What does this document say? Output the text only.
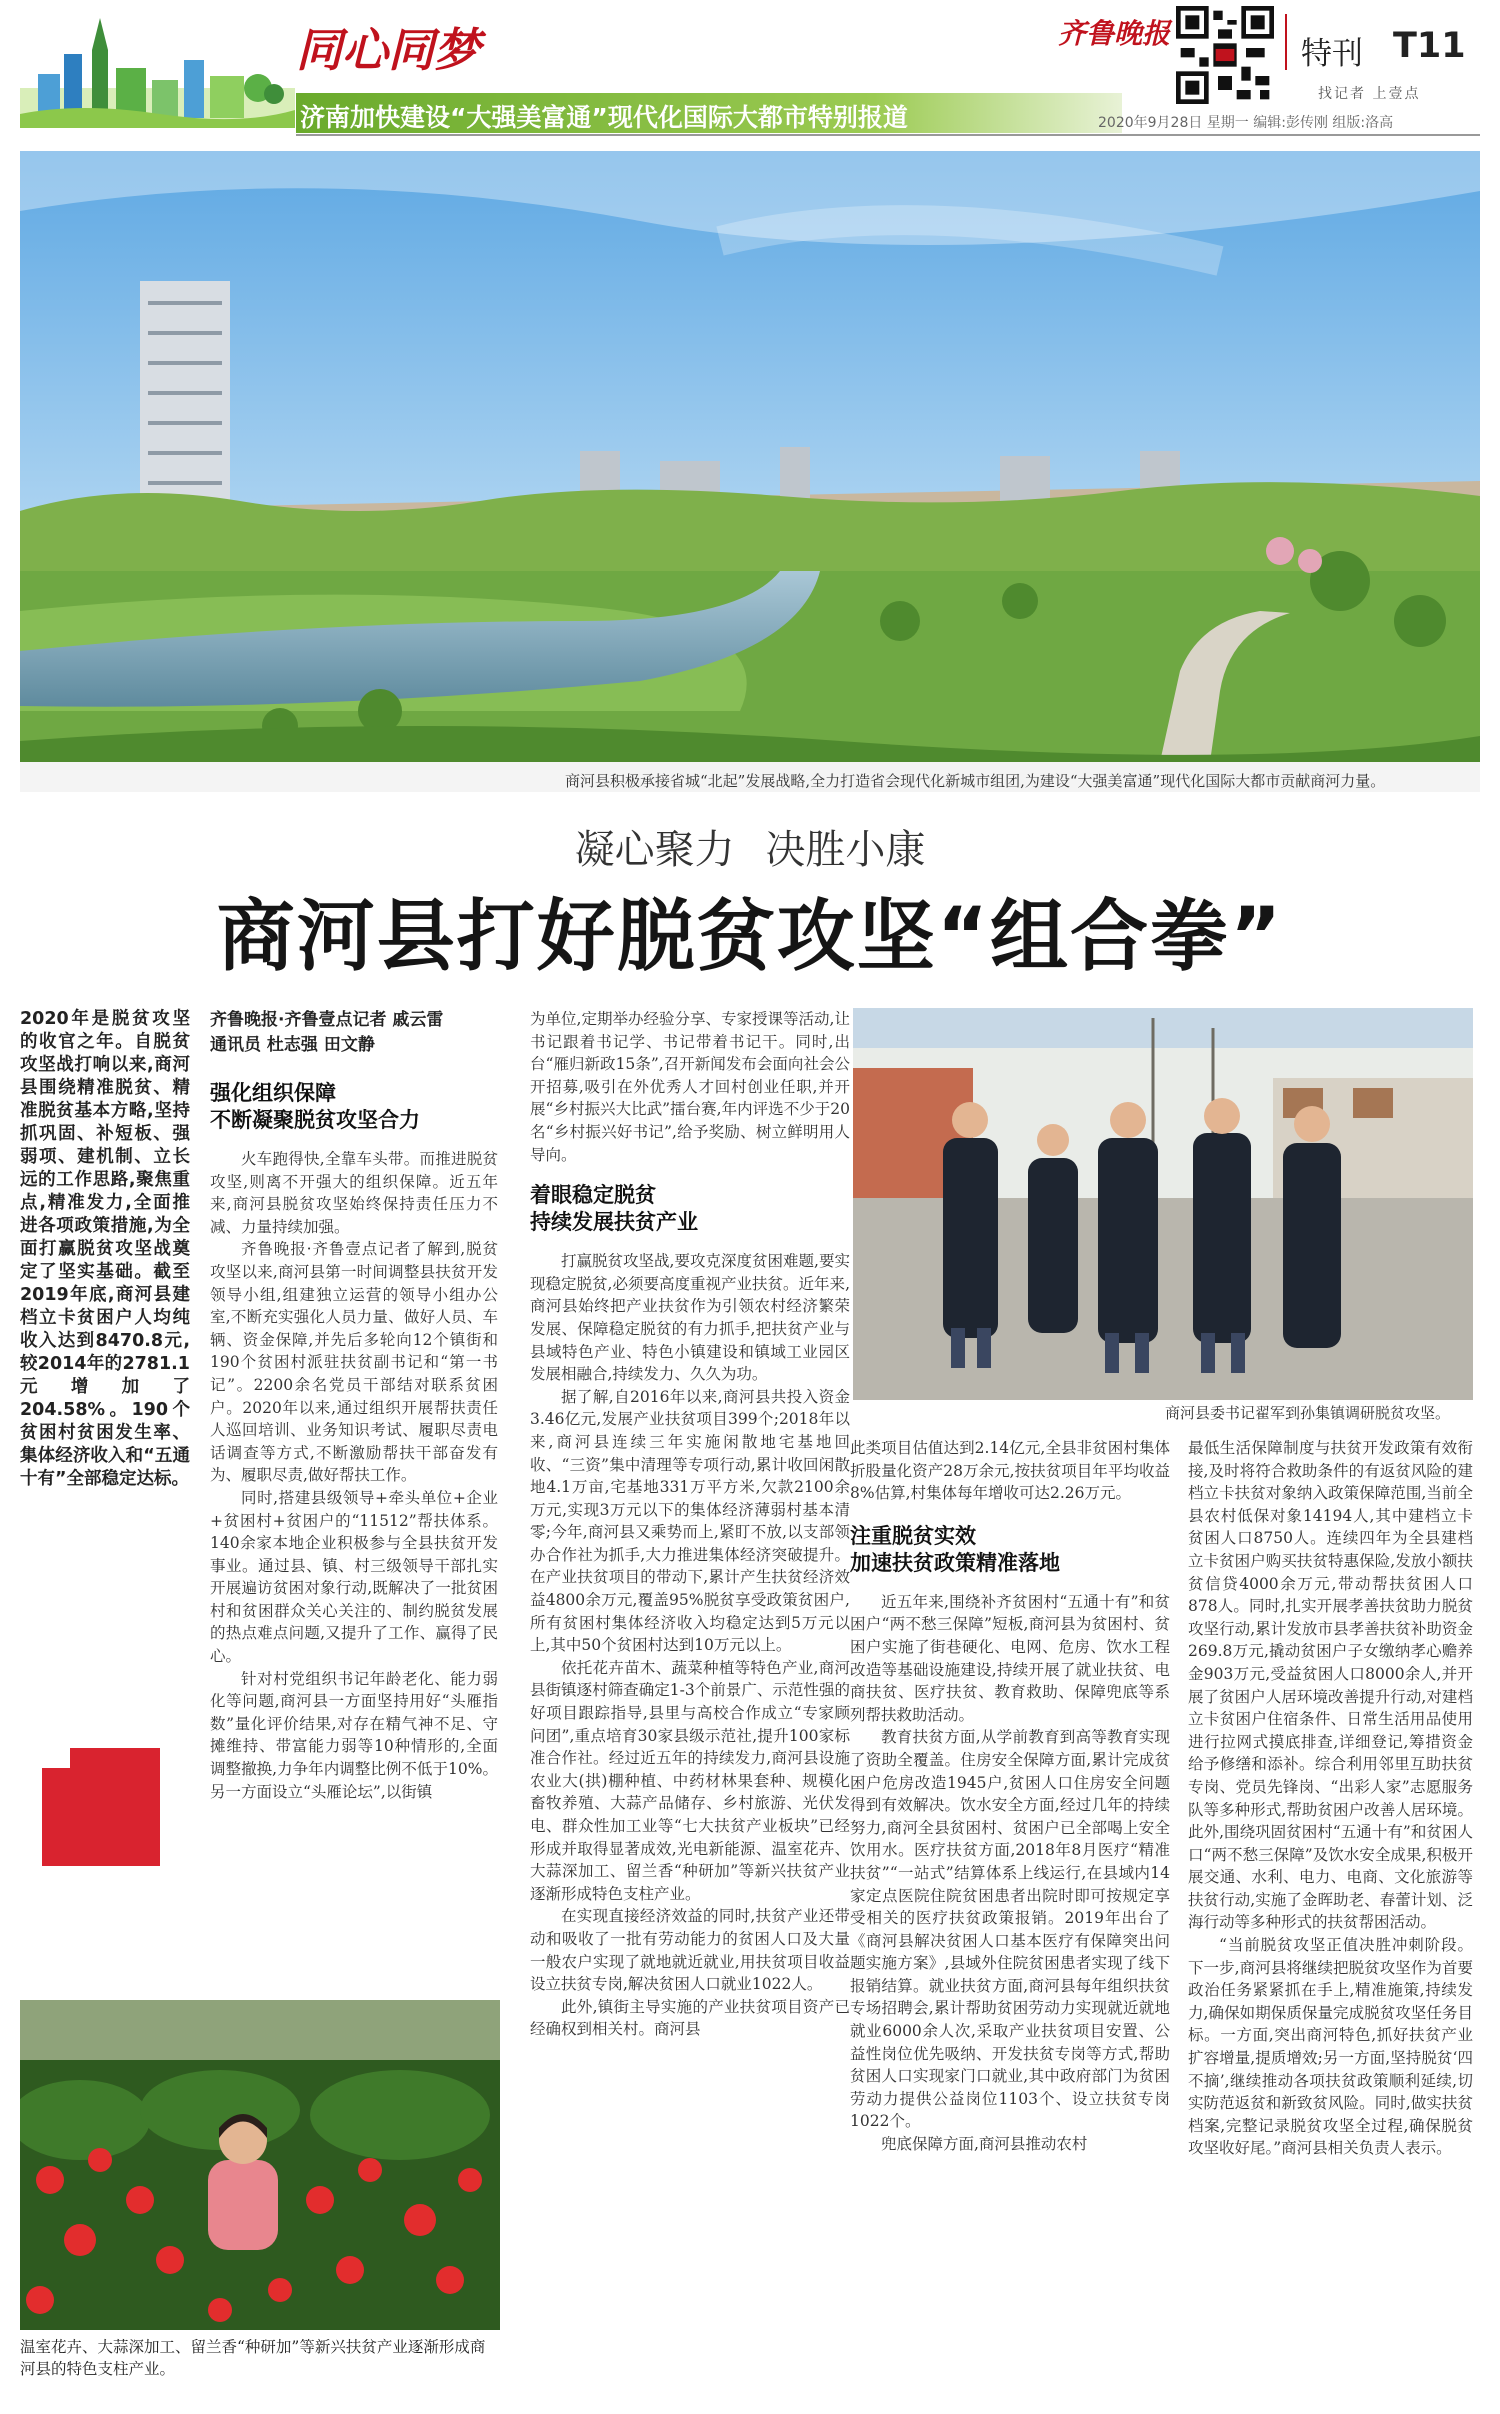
同心同梦
济南加快建设“大强美富通”现代化国际大都市特别报道
齐鲁晚报
特刊 T11
找记者 上壹点
2020年9月28日 星期一 编辑:彭传刚 组版:洛高
商河县积极承接省城“北起”发展战略,全力打造省会现代化新城市组团,为建设“大强美富通”现代化国际大都市贡献商河力量。
凝心聚力 决胜小康
商河县打好脱贫攻坚“组合拳”
2020年是脱贫攻坚的收官之年。自脱贫攻坚战打响以来,商河县围绕精准脱贫、精准脱贫基本方略,坚持抓巩固、补短板、强弱项、建机制、立长远的工作思路,聚焦重点,精准发力,全面推进各项政策措施,为全面打赢脱贫攻坚战奠定了坚实基础。截至2019年底,商河县建档立卡贫困户人均纯收入达到8470.8元,较2014年的2781.1元增加了204.58%。190个贫困村贫困发生率、集体经济收入和“五通十有”全部稳定达标。
齐鲁晚报·齐鲁壹点记者 戚云雷
通讯员 杜志强 田文静
强化组织保障
不断凝聚脱贫攻坚合力

火车跑得快,全靠车头带。而推进脱贫攻坚,则离不开强大的组织保障。近五年来,商河县脱贫攻坚始终保持责任压力不减、力量持续加强。

齐鲁晚报·齐鲁壹点记者了解到,脱贫攻坚以来,商河县第一时间调整县扶贫开发领导小组,组建独立运营的领导小组办公室,不断充实强化人员力量、做好人员、车辆、资金保障,并先后多轮向12个镇街和190个贫困村派驻扶贫副书记和“第一书记”。2200余名党员干部结对联系贫困户。2020年以来,通过组织开展帮扶责任人巡回培训、业务知识考试、履职尽责电话调查等方式,不断激励帮扶干部奋发有为、履职尽责,做好帮扶工作。

同时,搭建县级领导+牵头单位+企业+贫困村+贫困户的“11512”帮扶体系。140余家本地企业积极参与全县扶贫开发事业。通过县、镇、村三级领导干部扎实开展遍访贫困对象行动,既解决了一批贫困村和贫困群众关心关注的、制约脱贫发展的热点难点问题,又提升了工作、赢得了民心。

针对村党组织书记年龄老化、能力弱化等问题,商河县一方面坚持用好“头雁指数”量化评价结果,对存在精气神不足、守摊维持、带富能力弱等10种情形的,全面调整撤换,力争年内调整比例不低于10%。另一方面设立“头雁论坛”,以街镇

为单位,定期举办经验分享、专家授课等活动,让书记跟着书记学、书记带着书记干。同时,出台“雁归新政15条”,召开新闻发布会面向社会公开招募,吸引在外优秀人才回村创业任职,并开展“乡村振兴大比武”擂台赛,年内评选不少于20名“乡村振兴好书记”,给予奖励、树立鲜明用人导向。

着眼稳定脱贫
持续发展扶贫产业

打赢脱贫攻坚战,要攻克深度贫困难题,要实现稳定脱贫,必须要高度重视产业扶贫。近年来,商河县始终把产业扶贫作为引领农村经济繁荣发展、保障稳定脱贫的有力抓手,把扶贫产业与县域特色产业、特色小镇建设和镇域工业园区发展相融合,持续发力、久久为功。

据了解,自2016年以来,商河县共投入资金3.46亿元,发展产业扶贫项目399个;2018年以来,商河县连续三年实施闲散地宅基地回收、“三资”集中清理等专项行动,累计收回闲散地4.1万亩,宅基地331万平方米,欠款2100余万元,实现3万元以下的集体经济薄弱村基本清零;今年,商河县又乘势而上,紧盯不放,以支部领办合作社为抓手,大力推进集体经济突破提升。在产业扶贫项目的带动下,累计产生扶贫经济效益4800余万元,覆盖95%脱贫享受政策贫困户,所有贫困村集体经济收入均稳定达到5万元以上,其中50个贫困村达到10万元以上。

依托花卉苗木、蔬菜种植等特色产业,商河县街镇逐村筛查确定1-3个前景广、示范性强的好项目跟踪指导,县里与高校合作成立“专家顾问团”,重点培育30家县级示范社,提升100家标准合作社。经过近五年的持续发力,商河县设施农业大(拱)棚种植、中药材林果套种、规模化畜牧养殖、大蒜产品储存、乡村旅游、光伏发电、群众性加工业等“七大扶贫产业板块”已经形成并取得显著成效,光电新能源、温室花卉、大蒜深加工、留兰香“种研加”等新兴扶贫产业逐渐形成特色支柱产业。

在实现直接经济效益的同时,扶贫产业还带动和吸收了一批有劳动能力的贫困人口及大量一般农户实现了就地就近就业,用扶贫项目收益设立扶贫专岗,解决贫困人口就业1022人。

此外,镇街主导实施的产业扶贫项目资产已经确权到相关村。商河县

商河县委书记翟军到孙集镇调研脱贫攻坚。

此类项目估值达到2.14亿元,全县非贫困村集体折股量化资产28万余元,按扶贫项目年平均收益8%估算,村集体每年增收可达2.26万元。

注重脱贫实效
加速扶贫政策精准落地

近五年来,围绕补齐贫困村“五通十有”和贫困户“两不愁三保障”短板,商河县为贫困村、贫困户实施了街巷硬化、电网、危房、饮水工程改造等基础设施建设,持续开展了就业扶贫、电商扶贫、医疗扶贫、教育救助、保障兜底等系列帮扶救助活动。

教育扶贫方面,从学前教育到高等教育实现了资助全覆盖。住房安全保障方面,累计完成贫困户危房改造1945户,贫困人口住房安全问题得到有效解决。饮水安全方面,经过几年的持续努力,商河全县贫困村、贫困户已全部喝上安全饮用水。医疗扶贫方面,2018年8月医疗“精准扶贫”“一站式”结算体系上线运行,在县域内14家定点医院住院贫困患者出院时即可按规定享受相关的医疗扶贫政策报销。2019年出台了《商河县解决贫困人口基本医疗有保障突出问题实施方案》,县域外住院贫困患者实现了线下报销结算。就业扶贫方面,商河县每年组织扶贫专场招聘会,累计帮助贫困劳动力实现就近就地就业6000余人次,采取产业扶贫项目安置、公益性岗位优先吸纳、开发扶贫专岗等方式,帮助贫困人口实现家门口就业,其中政府部门为贫困劳动力提供公益岗位1103个、设立扶贫专岗1022个。

兜底保障方面,商河县推动农村

最低生活保障制度与扶贫开发政策有效衔接,及时将符合救助条件的有返贫风险的建档立卡扶贫对象纳入政策保障范围,当前全县农村低保对象14194人,其中建档立卡贫困人口8750人。连续四年为全县建档立卡贫困户购买扶贫特惠保险,发放小额扶贫信贷4000余万元,带动帮扶贫困人口878人。同时,扎实开展孝善扶贫助力脱贫攻坚行动,累计发放市县孝善扶贫补助资金269.8万元,撬动贫困户子女缴纳孝心赡养金903万元,受益贫困人口8000余人,并开展了贫困户人居环境改善提升行动,对建档立卡贫困户住宿条件、日常生活用品使用进行拉网式摸底排查,详细登记,筹措资金给予修缮和添补。综合利用邻里互助扶贫专岗、党员先锋岗、“出彩人家”志愿服务队等多种形式,帮助贫困户改善人居环境。此外,围绕巩固贫困村“五通十有”和贫困人口“两不愁三保障”及饮水安全成果,积极开展交通、水利、电力、电商、文化旅游等扶贫行动,实施了金晖助老、春蕾计划、泛海行动等多种形式的扶贫帮困活动。

“当前脱贫攻坚正值决胜冲刺阶段。下一步,商河县将继续把脱贫攻坚作为首要政治任务紧紧抓在手上,精准施策,持续发力,确保如期保质保量完成脱贫攻坚任务目标。一方面,突出商河特色,抓好扶贫产业扩容增量,提质增效;另一方面,坚持脱贫‘四不摘’,继续推动各项扶贫政策顺利延续,切实防范返贫和新致贫风险。同时,做实扶贫档案,完整记录脱贫攻坚全过程,确保脱贫攻坚收好尾。”商河县相关负责人表示。

温室花卉、大蒜深加工、留兰香“种研加”等新兴扶贫产业逐渐形成商河县的特色支柱产业。
